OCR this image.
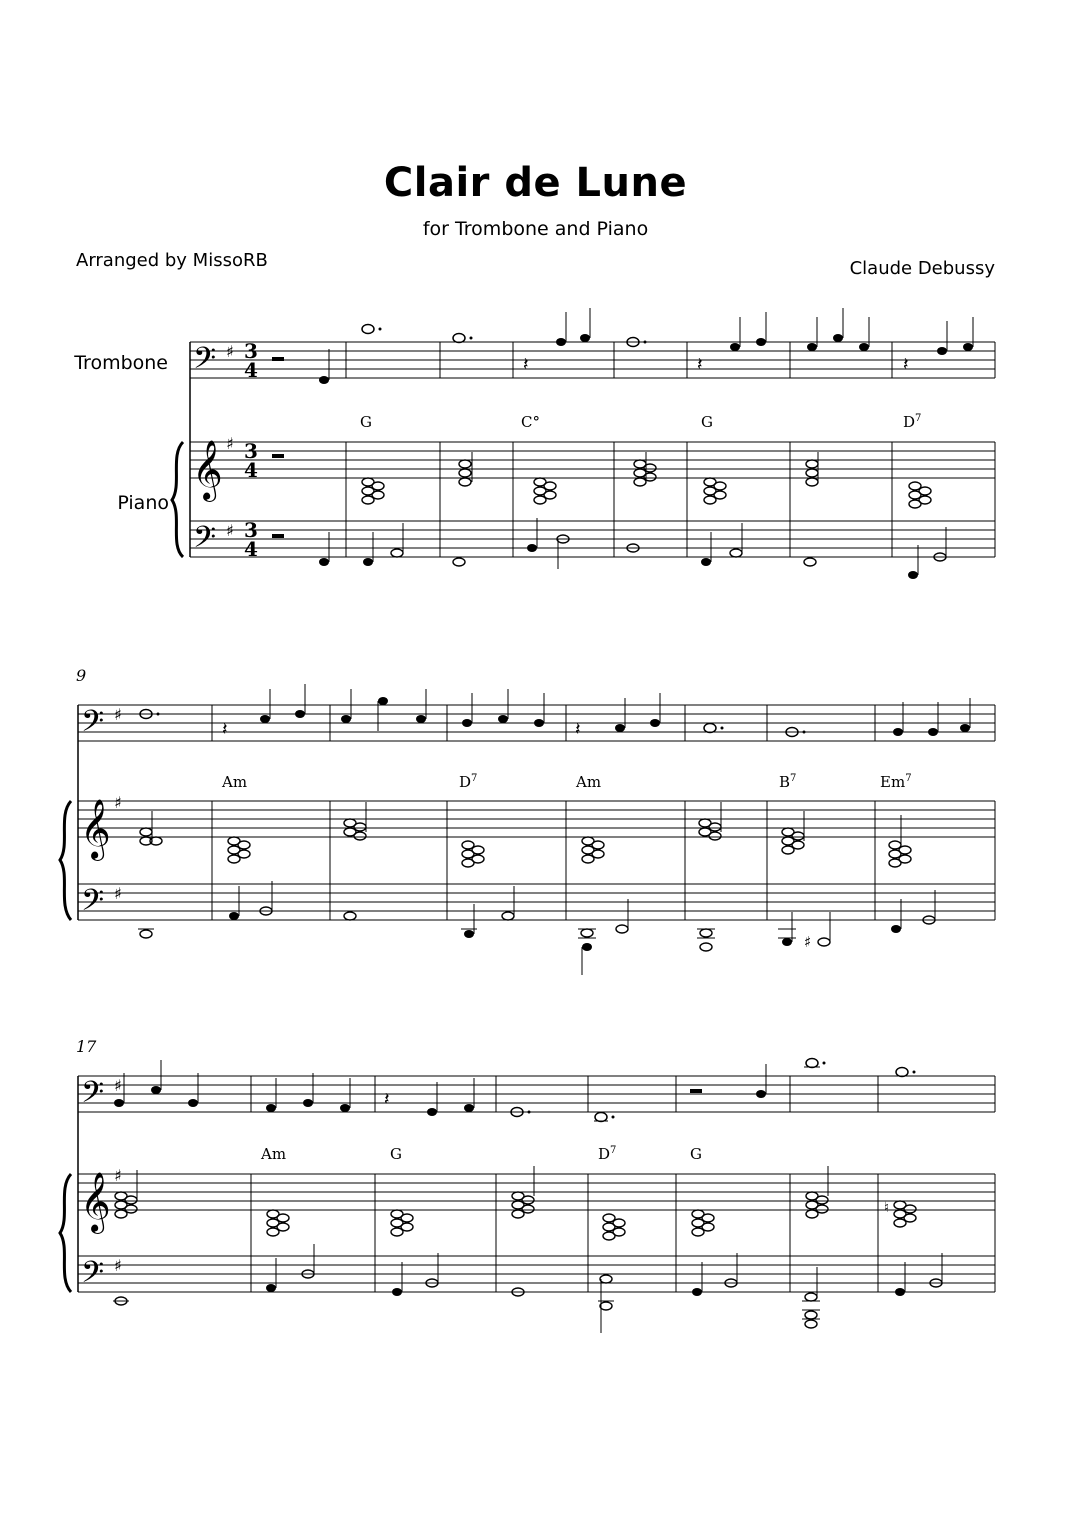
Clair de Lune
for Trombone and Piano
Arranged by MissoRB	Claude Debussy
Trombone
Piano
𝄢
𝄞
𝄢
♯
♯
♯
3
4
3
4
3
4
G	C°	G	$D^7$
𝄽	𝄽	𝄽
9
𝄢
𝄞
𝄢
♯
♯
♯
Am	$D^7$	Am	$B^7$	Em$^7$
𝄽	𝄽
♯
17
𝄢
𝄞
𝄢
♯
♯
♯
Am	G	$D^7$	G
𝄽
♮
